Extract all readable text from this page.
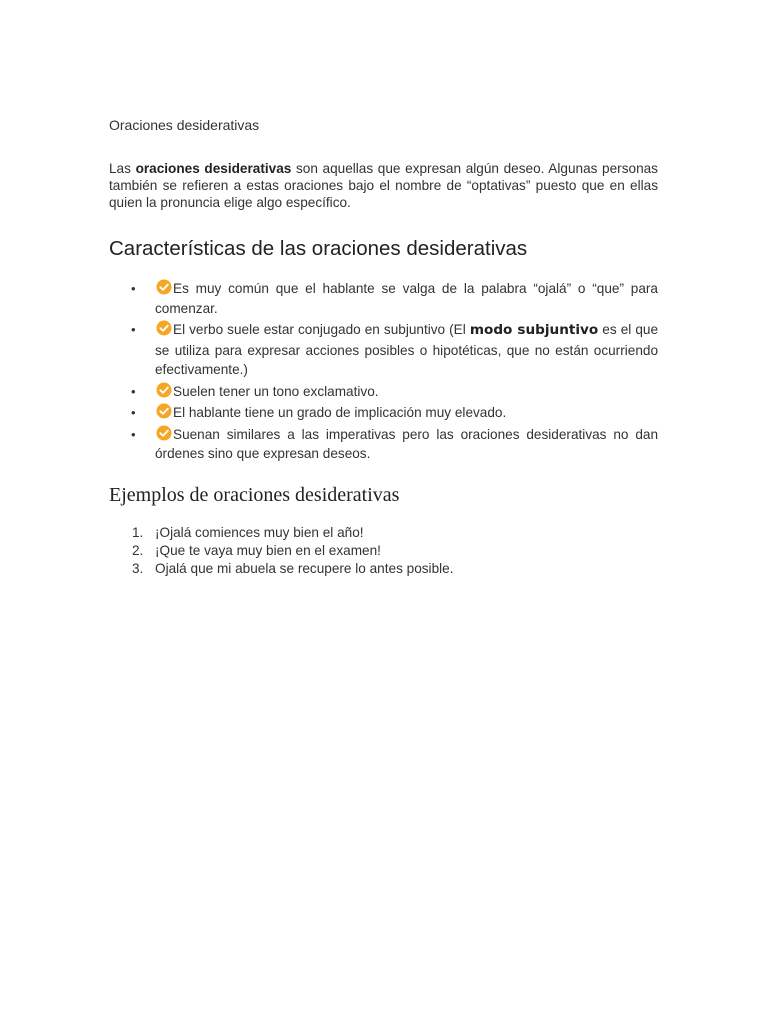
Oraciones desiderativas

Las oraciones desiderativas son aquellas que expresan algún deseo. Algunas personas también se refieren a estas oraciones bajo el nombre de “optativas” puesto que en ellas quien la pronuncia elige algo específico.

Características de las oraciones desiderativas
•	Es muy común que el hablante se valga de la palabra “ojalá” o “que” para comenzar.
•	El verbo suele estar conjugado en subjuntivo (El modo subjuntivo es el que se utiliza para expresar acciones posibles o hipotéticas, que no están ocurriendo efectivamente.)
•	Suelen tener un tono exclamativo.
•	El hablante tiene un grado de implicación muy elevado.
•	Suenan similares a las imperativas pero las oraciones desiderativas no dan órdenes sino que expresan deseos.
Ejemplos de oraciones desiderativas
1. ¡Ojalá comiences muy bien el año!
2. ¡Que te vaya muy bien en el examen!
3. Ojalá que mi abuela se recupere lo antes posible.
